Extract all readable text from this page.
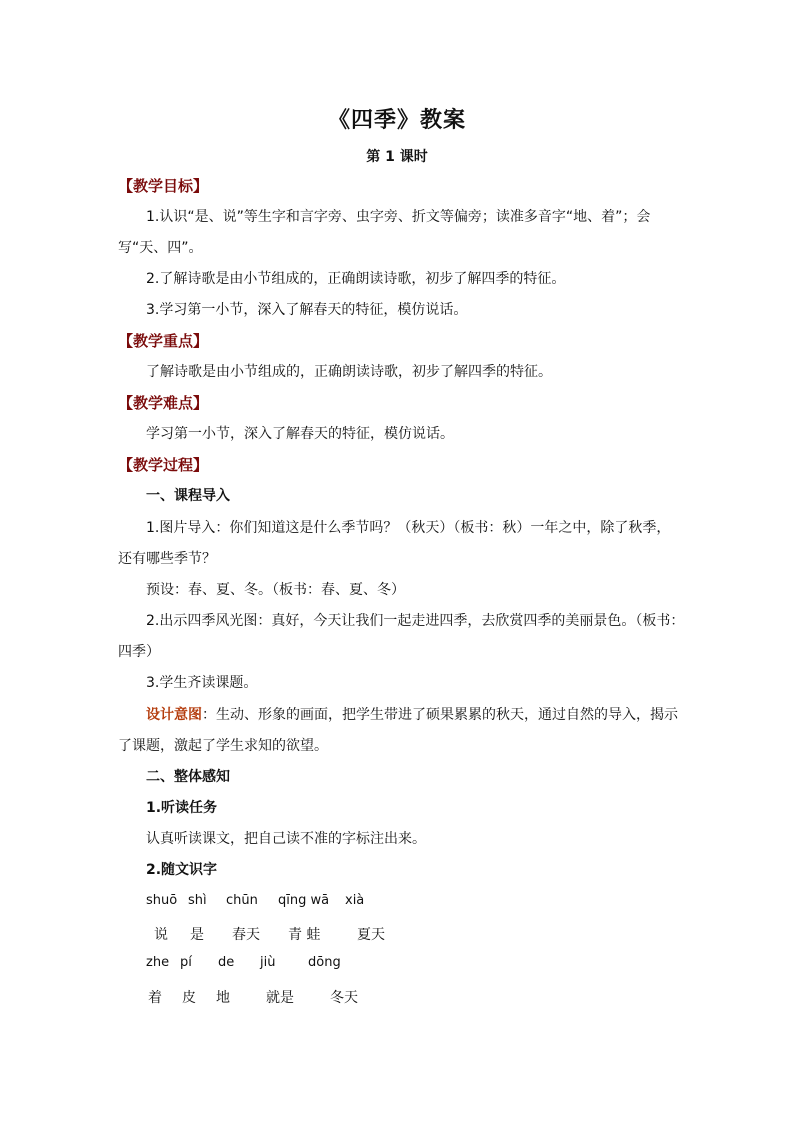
《四季》教案
第 1 课时
【教学目标】
1.认识“是、说”等生字和言字旁、虫字旁、折文等偏旁；读准多音字“地、着”；会
写“天、四”。
2.了解诗歌是由小节组成的，正确朗读诗歌，初步了解四季的特征。
3.学习第一小节，深入了解春天的特征，模仿说话。
【教学重点】
了解诗歌是由小节组成的，正确朗读诗歌，初步了解四季的特征。
【教学难点】
学习第一小节，深入了解春天的特征，模仿说话。
【教学过程】
一、课程导入
1.图片导入：你们知道这是什么季节吗？（秋天）（板书：秋）一年之中，除了秋季，
还有哪些季节？
预设：春、夏、冬。（板书：春、夏、冬）
2.出示四季风光图：真好，今天让我们一起走进四季，去欣赏四季的美丽景色。（板书：
四季）
3.学生齐读课题。
设计意图：生动、形象的画面，把学生带进了硕果累累的秋天，通过自然的导入，揭示
了课题，激起了学生求知的欲望。
二、整体感知
1.听读任务
认真听读课文，把自己读不准的字标注出来。
2.随文识字
shuō shì chūn qīng wā xià
说 是 春天 青 蛙	夏天
zhe pí de jiù	dōng
着 皮 地	就是	冬天
